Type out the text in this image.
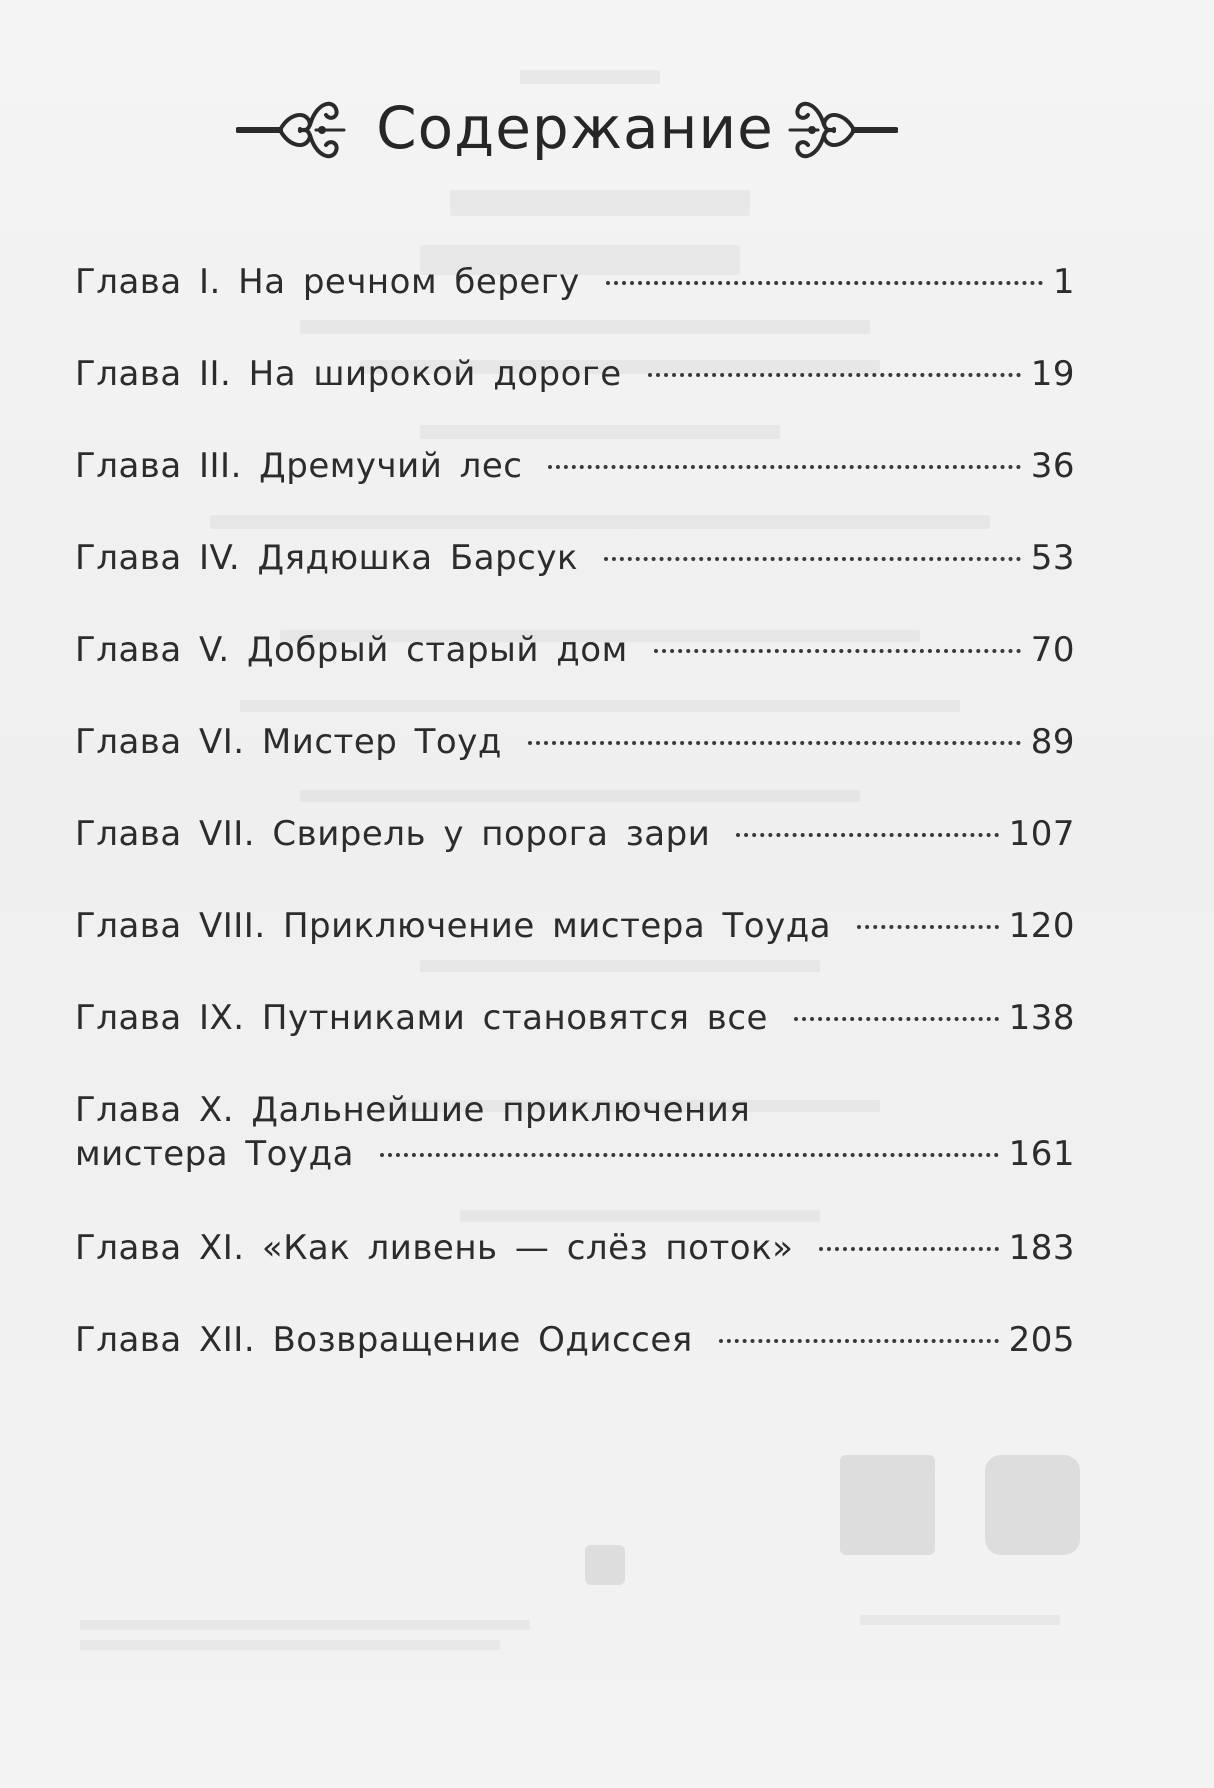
Содержание
Глава I. На речном берегу	1
Глава II. На широкой дороге	19
Глава III. Дремучий лес	36
Глава IV. Дядюшка Барсук	53
Глава V. Добрый старый дом	70
Глава VI. Мистер Тоуд	89
Глава VII. Свирель у порога зари	107
Глава VIII. Приключение мистера Тоуда	120
Глава IX. Путниками становятся все	138
Глава X. Дальнейшие приключения
мистера Тоуда	161
Глава XI. «Как ливень — слёз поток»	183
Глава XII. Возвращение Одиссея	205
